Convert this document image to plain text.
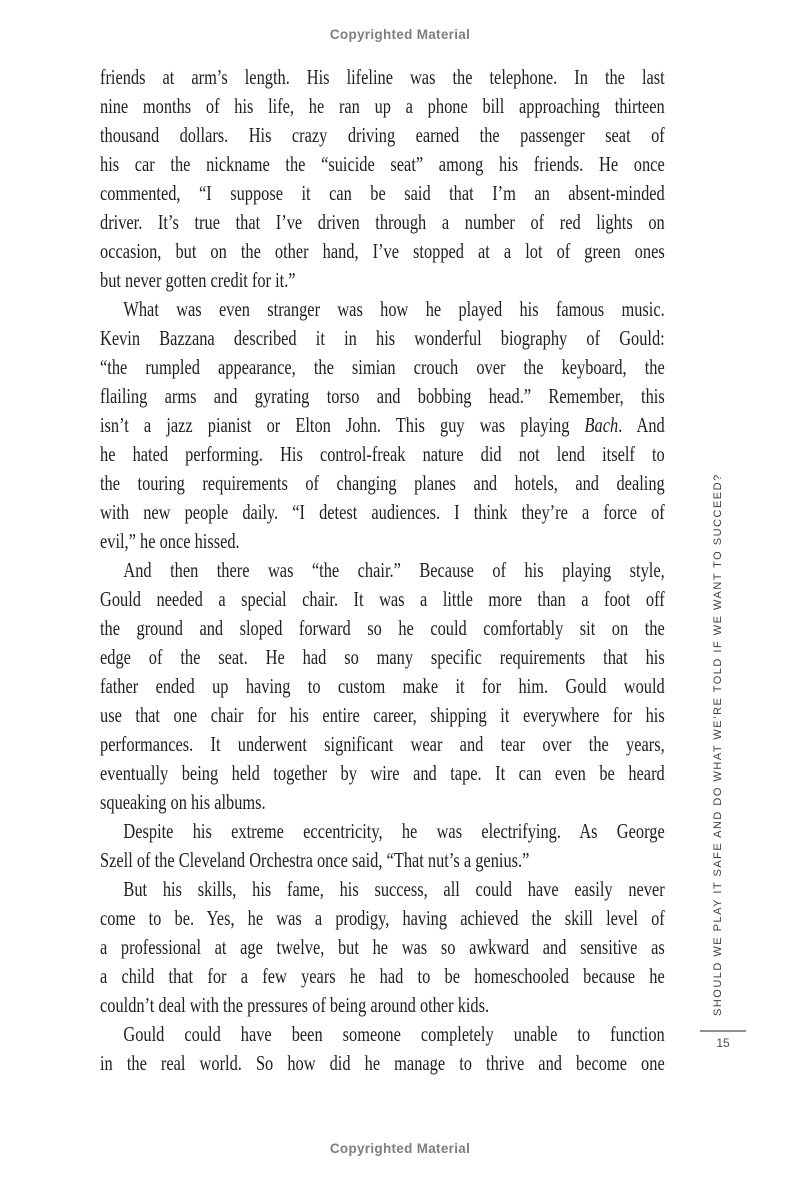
Copyrighted Material
friends at arm’s length. His lifeline was the telephone. In the last
nine months of his life, he ran up a phone bill approaching thirteen
thousand dollars. His crazy driving earned the passenger seat of
his car the nickname the “suicide seat” among his friends. He once
commented, “I suppose it can be said that I’m an absent-minded
driver. It’s true that I’ve driven through a number of red lights on
occasion, but on the other hand, I’ve stopped at a lot of green ones
but never gotten credit for it.”
What was even stranger was how he played his famous music.
Kevin Bazzana described it in his wonderful biography of Gould:
“the rumpled appearance, the simian crouch over the keyboard, the
flailing arms and gyrating torso and bobbing head.” Remember, this
isn’t a jazz pianist or Elton John. This guy was playing Bach. And
he hated performing. His control-freak nature did not lend itself to
the touring requirements of changing planes and hotels, and dealing
with new people daily. “I detest audiences. I think they’re a force of
evil,” he once hissed.
And then there was “the chair.” Because of his playing style,
Gould needed a special chair. It was a little more than a foot off
the ground and sloped forward so he could comfortably sit on the
edge of the seat. He had so many specific requirements that his
father ended up having to custom make it for him. Gould would
use that one chair for his entire career, shipping it everywhere for his
performances. It underwent significant wear and tear over the years,
eventually being held together by wire and tape. It can even be heard
squeaking on his albums.
Despite his extreme eccentricity, he was electrifying. As George
Szell of the Cleveland Orchestra once said, “That nut’s a genius.”
But his skills, his fame, his success, all could have easily never
come to be. Yes, he was a prodigy, having achieved the skill level of
a professional at age twelve, but he was so awkward and sensitive as
a child that for a few years he had to be homeschooled because he
couldn’t deal with the pressures of being around other kids.
Gould could have been someone completely unable to function
in the real world. So how did he manage to thrive and become one
SHOULD WE PLAY IT SAFE AND DO WHAT WE’RE TOLD IF WE WANT TO SUCCEED?
15
Copyrighted Material
